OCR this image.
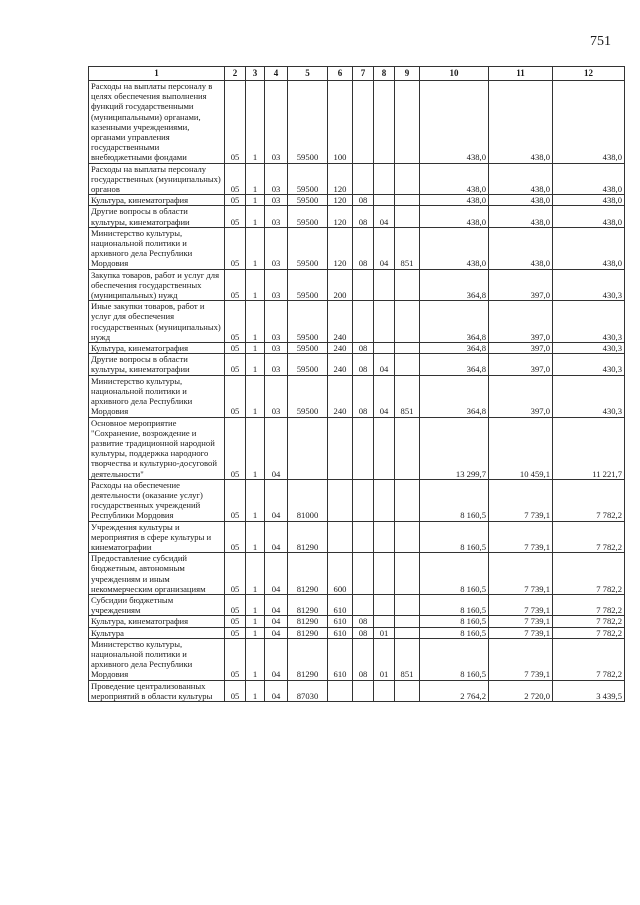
751
1	2	3	4	5	6	7	8	9	10	11	12
Расходы на выплаты персоналу в целях обеспечения выполнения функций государственными (муниципальными) органами, казенными учреждениями, органами управления государственными внебюджетными фондами	05	1	03	59500	100				438,0	438,0	438,0
Расходы на выплаты персоналу государственных (муниципальных) органов	05	1	03	59500	120				438,0	438,0	438,0
Культура, кинематография	05	1	03	59500	120	08			438,0	438,0	438,0
Другие вопросы в области культуры, кинематографии	05	1	03	59500	120	08	04		438,0	438,0	438,0
Министерство культуры, национальной политики и архивного дела Республики Мордовия	05	1	03	59500	120	08	04	851	438,0	438,0	438,0
Закупка товаров, работ и услуг для обеспечения государственных (муниципальных) нужд	05	1	03	59500	200				364,8	397,0	430,3
Иные закупки товаров, работ и услуг для обеспечения государственных (муниципальных) нужд	05	1	03	59500	240				364,8	397,0	430,3
Культура, кинематография	05	1	03	59500	240	08			364,8	397,0	430,3
Другие вопросы в области культуры, кинематографии	05	1	03	59500	240	08	04		364,8	397,0	430,3
Министерство культуры, национальной политики и архивного дела Республики Мордовия	05	1	03	59500	240	08	04	851	364,8	397,0	430,3
Основное мероприятие "Сохранение, возрождение и развитие традиционной народной культуры, поддержка народного творчества и культурно-досуговой деятельности"	05	1	04						13 299,7	10 459,1	11 221,7
Расходы на обеспечение деятельности (оказание услуг) государственных учреждений Республики Мордовия	05	1	04	81000					8 160,5	7 739,1	7 782,2
Учреждения культуры и мероприятия в сфере культуры и кинематографии	05	1	04	81290					8 160,5	7 739,1	7 782,2
Предоставление субсидий бюджетным, автономным учреждениям и иным некоммерческим организациям	05	1	04	81290	600				8 160,5	7 739,1	7 782,2
Субсидии бюджетным учреждениям	05	1	04	81290	610				8 160,5	7 739,1	7 782,2
Культура, кинематография	05	1	04	81290	610	08			8 160,5	7 739,1	7 782,2
Культура	05	1	04	81290	610	08	01		8 160,5	7 739,1	7 782,2
Министерство культуры, национальной политики и архивного дела Республики Мордовия	05	1	04	81290	610	08	01	851	8 160,5	7 739,1	7 782,2
Проведение централизованных мероприятий в области культуры	05	1	04	87030					2 764,2	2 720,0	3 439,5
